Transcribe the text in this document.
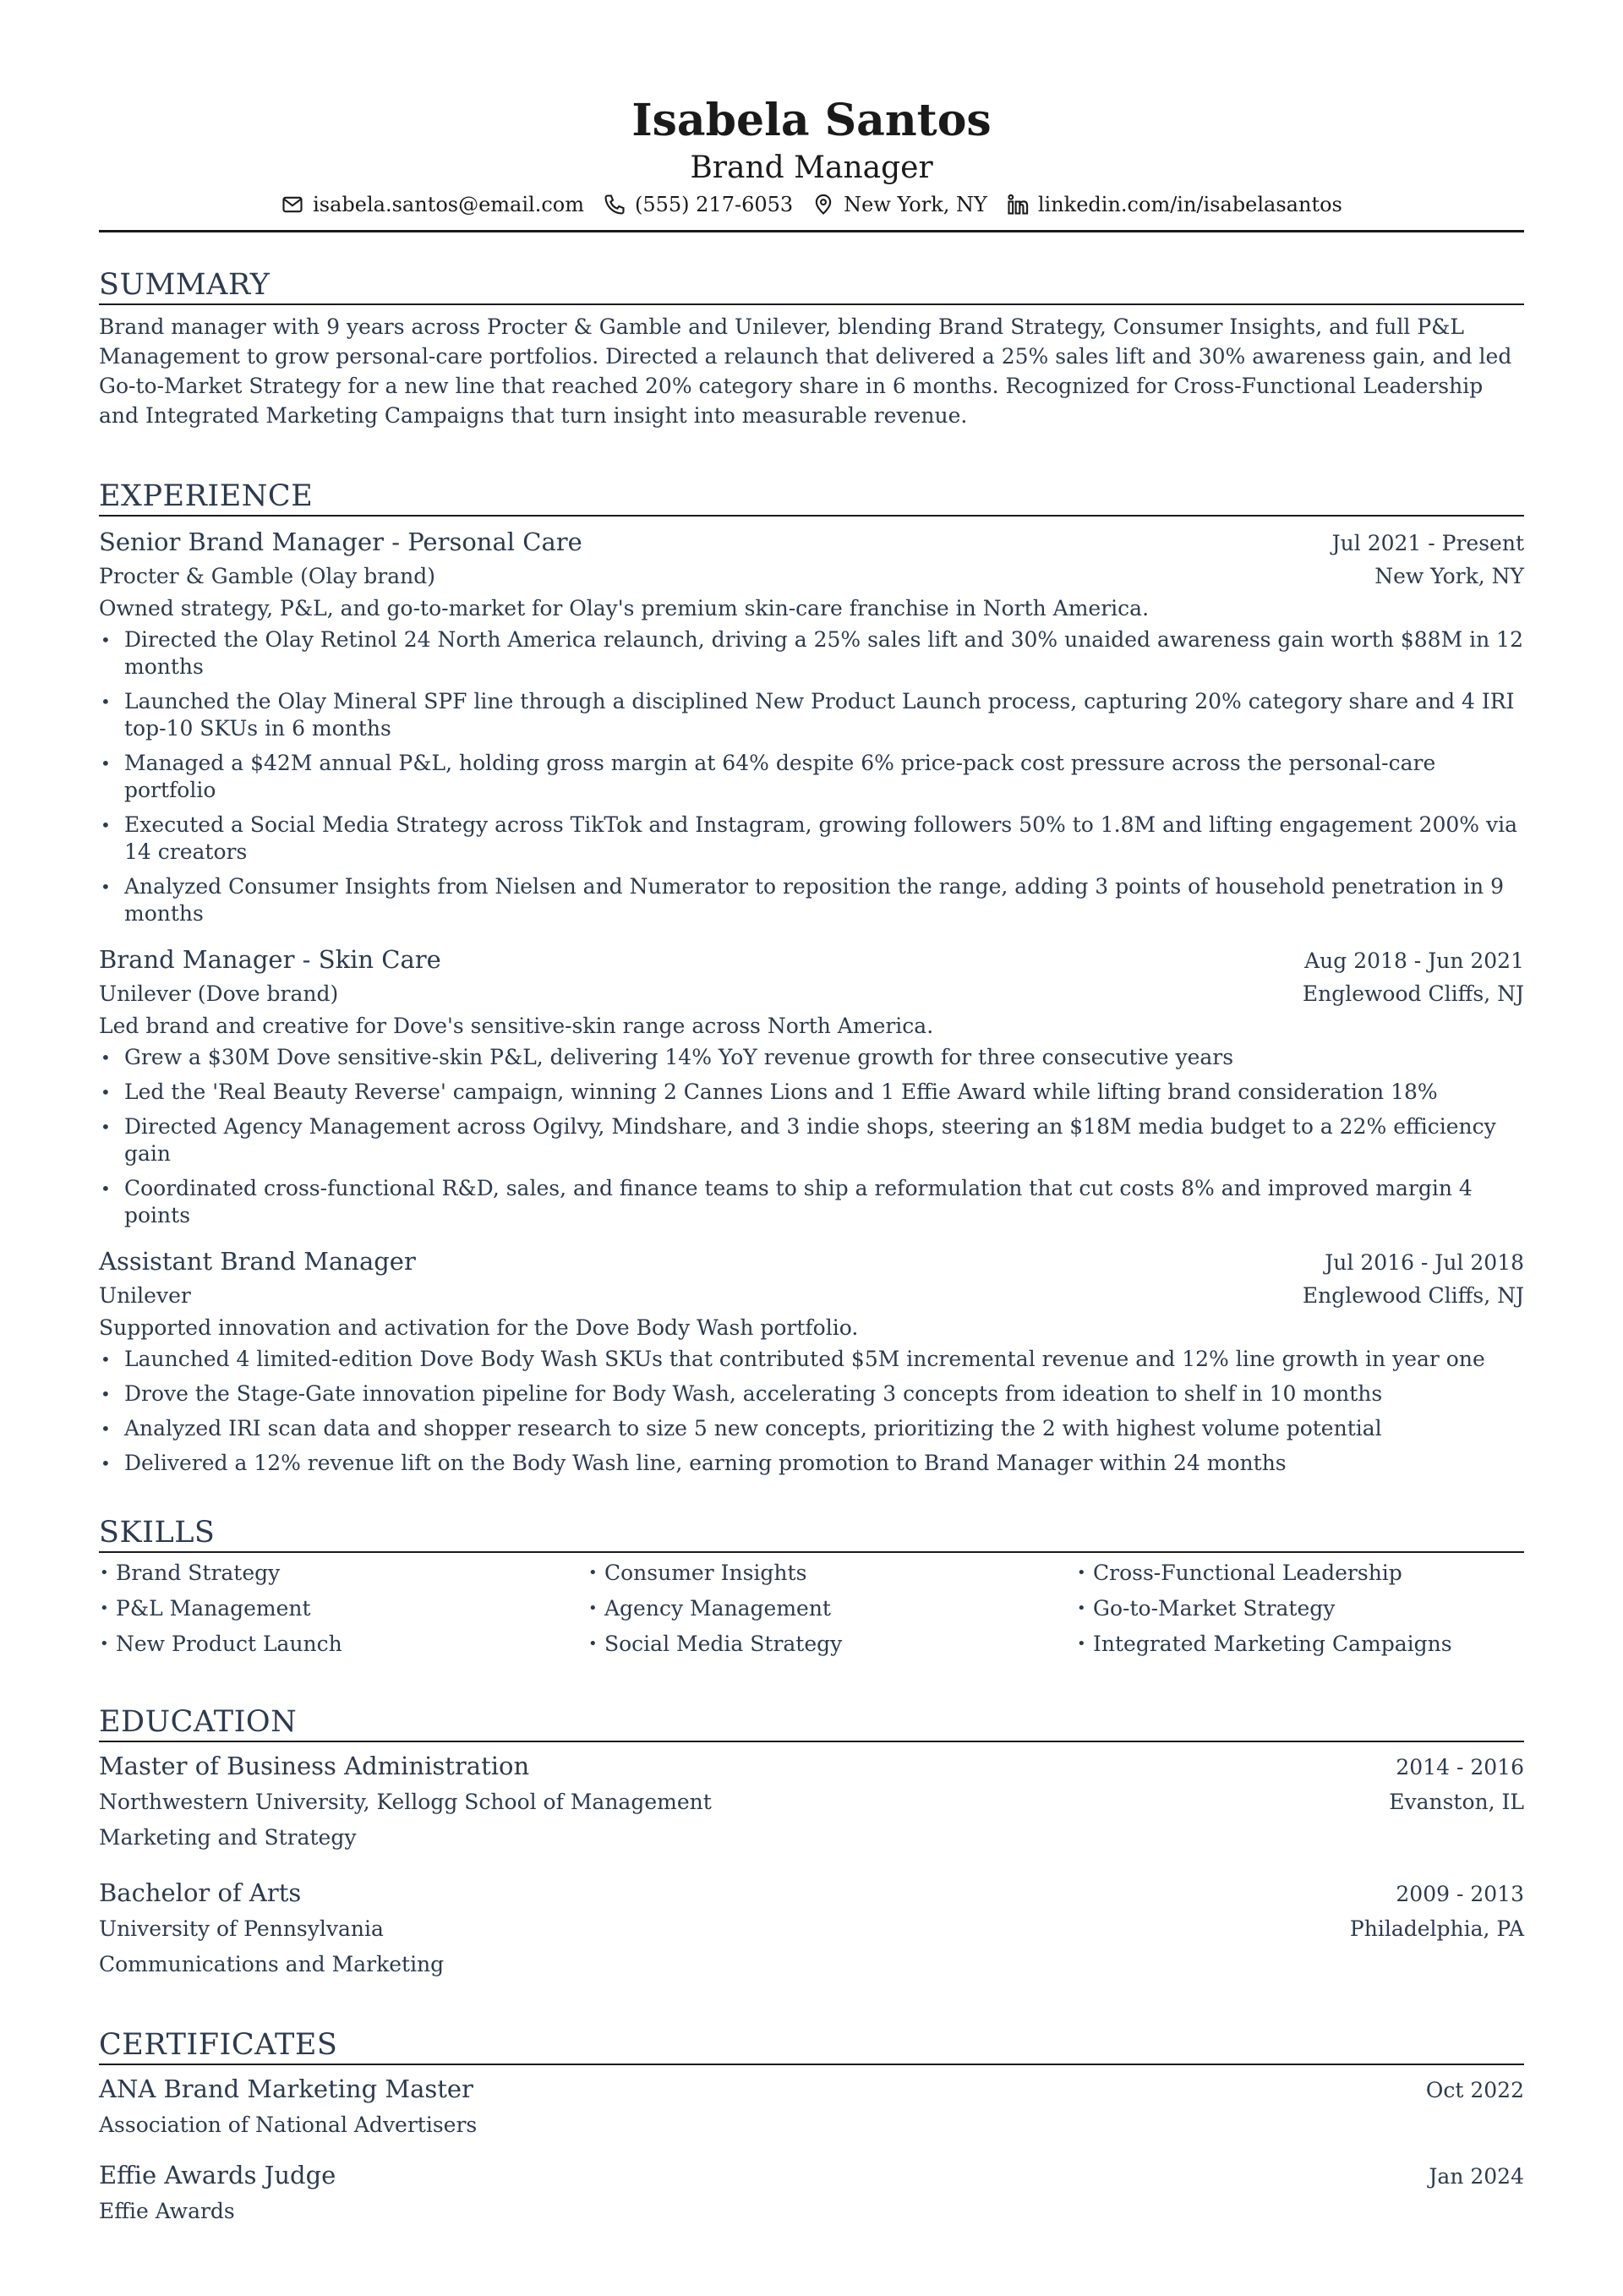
Isabela Santos
Brand Manager
isabela.santos@email.com	(555) 217-6053	New York, NY	linkedin.com/in/isabelasantos
SUMMARY
Brand manager with 9 years across Procter & Gamble and Unilever, blending Brand Strategy, Consumer Insights, and full P&L Management to grow personal-care portfolios. Directed a relaunch that delivered a 25% sales lift and 30% awareness gain, and led Go-to-Market Strategy for a new line that reached 20% category share in 6 months. Recognized for Cross-Functional Leadership and Integrated Marketing Campaigns that turn insight into measurable revenue.
EXPERIENCE
Senior Brand Manager - Personal Care	Jul 2021 - Present
Procter & Gamble (Olay brand)	New York, NY
Owned strategy, P&L, and go-to-market for Olay's premium skin-care franchise in North America.
• Directed the Olay Retinol 24 North America relaunch, driving a 25% sales lift and 30% unaided awareness gain worth $88M in 12 months
• Launched the Olay Mineral SPF line through a disciplined New Product Launch process, capturing 20% category share and 4 IRI top-10 SKUs in 6 months
• Managed a $42M annual P&L, holding gross margin at 64% despite 6% price-pack cost pressure across the personal-care portfolio
• Executed a Social Media Strategy across TikTok and Instagram, growing followers 50% to 1.8M and lifting engagement 200% via 14 creators
• Analyzed Consumer Insights from Nielsen and Numerator to reposition the range, adding 3 points of household penetration in 9 months
Brand Manager - Skin Care	Aug 2018 - Jun 2021
Unilever (Dove brand)	Englewood Cliffs, NJ
Led brand and creative for Dove's sensitive-skin range across North America.
• Grew a $30M Dove sensitive-skin P&L, delivering 14% YoY revenue growth for three consecutive years
• Led the 'Real Beauty Reverse' campaign, winning 2 Cannes Lions and 1 Effie Award while lifting brand consideration 18%
• Directed Agency Management across Ogilvy, Mindshare, and 3 indie shops, steering an $18M media budget to a 22% efficiency gain
• Coordinated cross-functional R&D, sales, and finance teams to ship a reformulation that cut costs 8% and improved margin 4 points
Assistant Brand Manager	Jul 2016 - Jul 2018
Unilever	Englewood Cliffs, NJ
Supported innovation and activation for the Dove Body Wash portfolio.
• Launched 4 limited-edition Dove Body Wash SKUs that contributed $5M incremental revenue and 12% line growth in year one
• Drove the Stage-Gate innovation pipeline for Body Wash, accelerating 3 concepts from ideation to shelf in 10 months
• Analyzed IRI scan data and shopper research to size 5 new concepts, prioritizing the 2 with highest volume potential
• Delivered a 12% revenue lift on the Body Wash line, earning promotion to Brand Manager within 24 months
SKILLS
• Brand Strategy	• Consumer Insights	• Cross-Functional Leadership
• P&L Management	• Agency Management	• Go-to-Market Strategy
• New Product Launch	• Social Media Strategy	• Integrated Marketing Campaigns
EDUCATION
Master of Business Administration	2014 - 2016
Northwestern University, Kellogg School of Management	Evanston, IL
Marketing and Strategy
Bachelor of Arts	2009 - 2013
University of Pennsylvania	Philadelphia, PA
Communications and Marketing
CERTIFICATES
ANA Brand Marketing Master	Oct 2022
Association of National Advertisers
Effie Awards Judge	Jan 2024
Effie Awards
